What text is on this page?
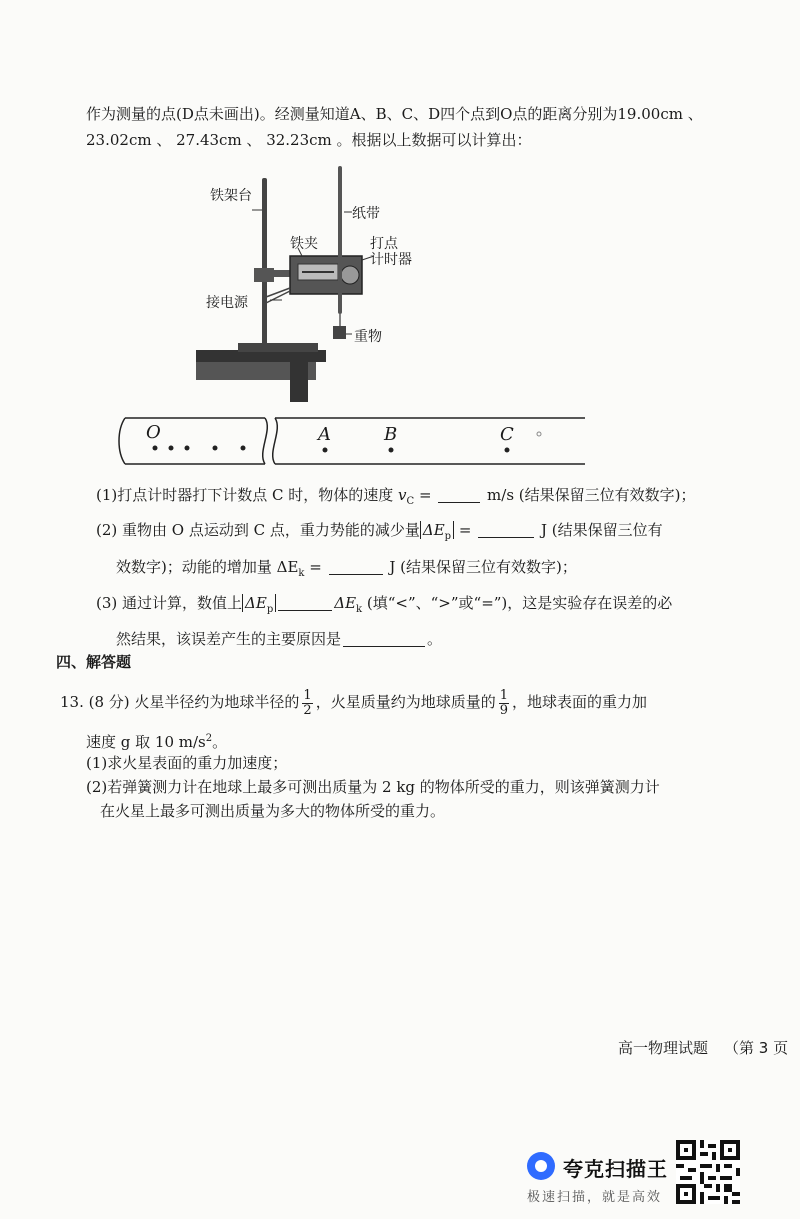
作为测量的点(D点未画出)。经测量知道A、B、C、D四个点到O点的距离分别为19.00cm 、
23.02cm 、 27.43cm 、 32.23cm 。根据以上数据可以计算出：
铁架台
纸带
铁夹	打点
计时器
接电源
重物
O	A	B	C
(1)打点计时器打下计数点 C 时，物体的速度 $v_C$ =	m/s (结果保留三位有效数字)；
(2) 重物由 O 点运动到 C 点，重力势能的减少量 $\Delta E_p$ =	J (结果保留三位有
效数字)；动能的增加量 $\Delta E_k$ =	J (结果保留三位有效数字)；
(3) 通过计算，数值上 $\Delta E_p$	$\Delta E_k$ (填“<”、“>”或“=”)，这是实验存在误差的必
然结果，该误差产生的主要原因是	。
四、解答题
13. (8 分) 火星半径约为地球半径的 $\frac{1}{2}$ ，火星质量约为地球质量的 $\frac{1}{9}$ ，地球表面的重力加
速度 g 取 10 $m/s^2$。
(1)求火星表面的重力加速度；
(2)若弹簧测力计在地球上最多可测出质量为 2 kg 的物体所受的重力，则该弹簧测力计
在火星上最多可测出质量为多大的物体所受的重力。
高一物理试题 （第 3 页
夸克扫描王
极速扫描，就是高效
